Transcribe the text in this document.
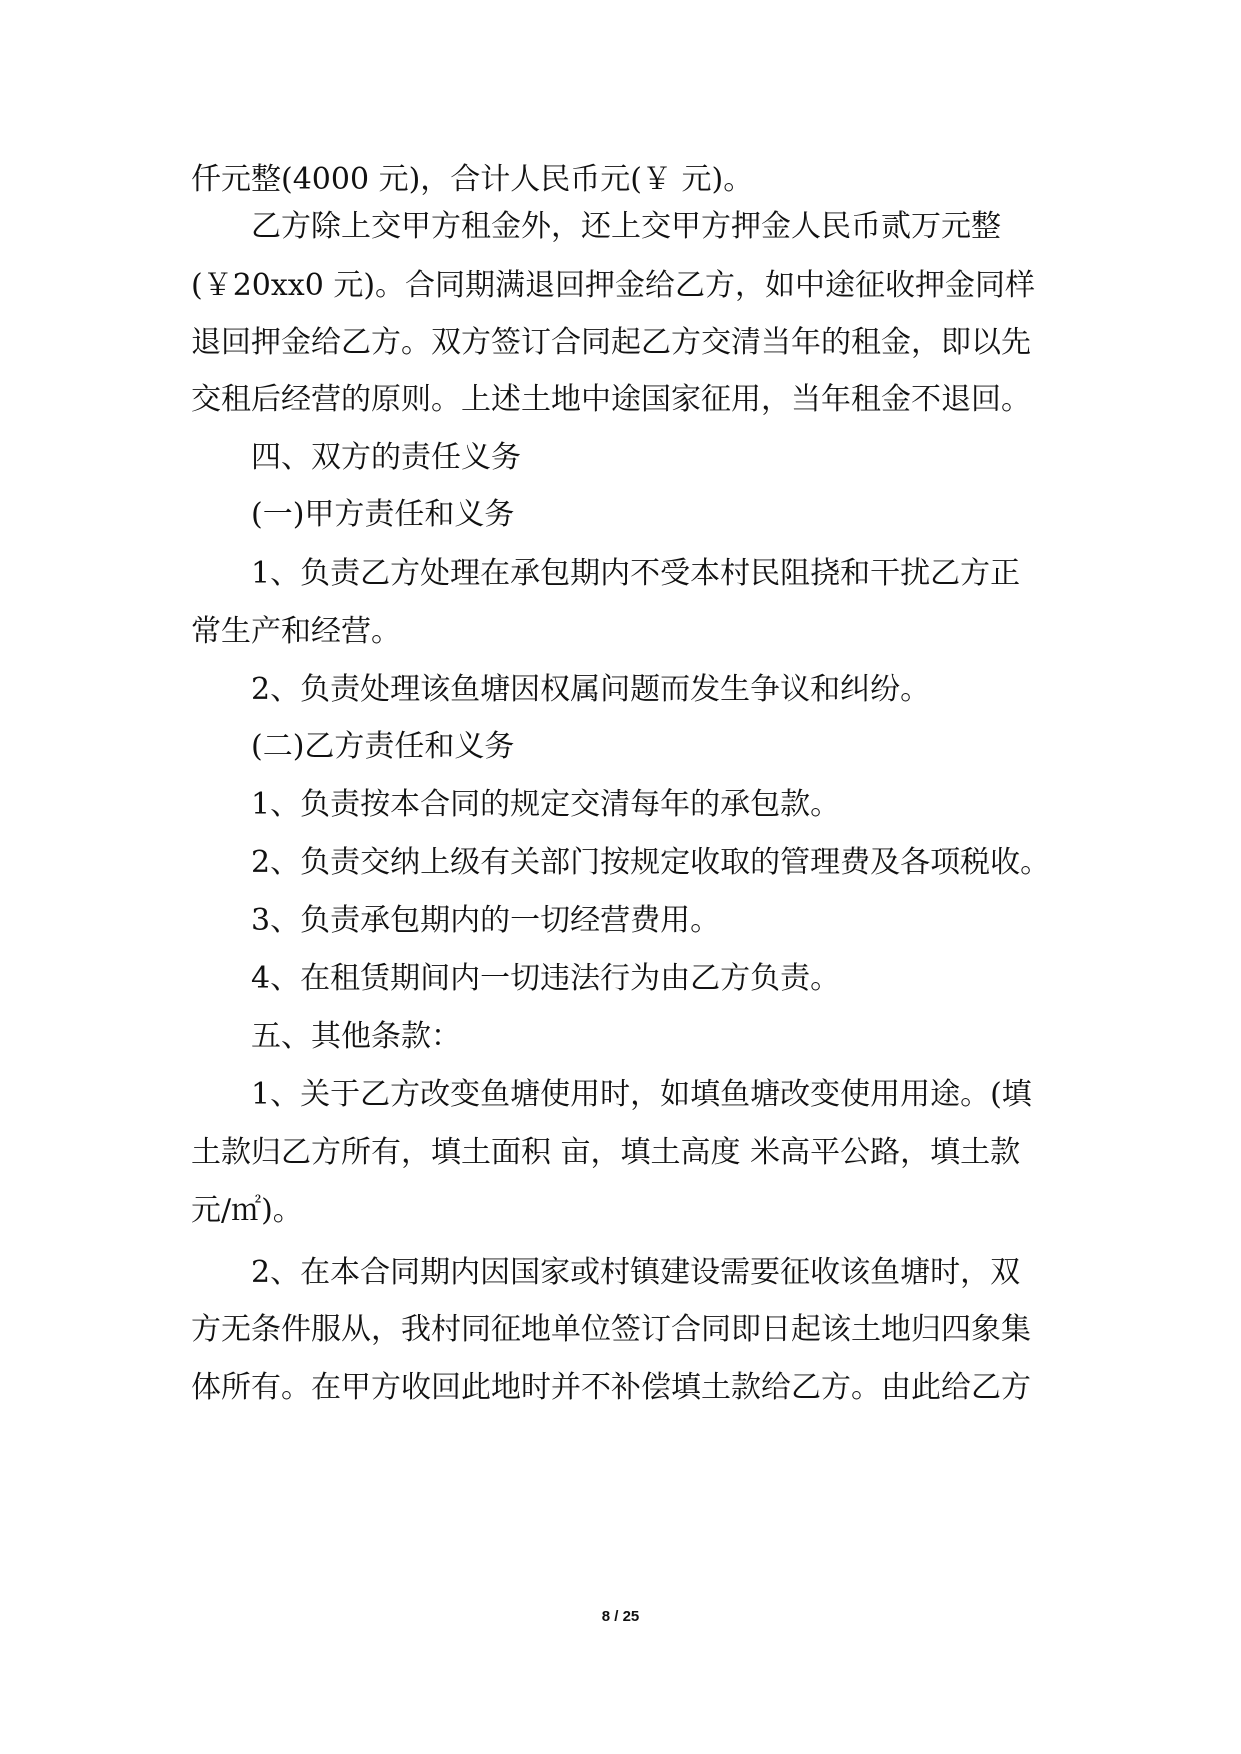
仟元整(4000 元)，合计人民币元(￥ 元)。
乙方除上交甲方租金外，还上交甲方押金人民币贰万元整
(￥20xx0 元)。合同期满退回押金给乙方，如中途征收押金同样
退回押金给乙方。双方签订合同起乙方交清当年的租金，即以先
交租后经营的原则。上述土地中途国家征用，当年租金不退回。
四、双方的责任义务
(一)甲方责任和义务
1、负责乙方处理在承包期内不受本村民阻挠和干扰乙方正
常生产和经营。
2、负责处理该鱼塘因权属问题而发生争议和纠纷。
(二)乙方责任和义务
1、负责按本合同的规定交清每年的承包款。
2、负责交纳上级有关部门按规定收取的管理费及各项税收。
3、负责承包期内的一切经营费用。
4、在租赁期间内一切违法行为由乙方负责。
五、其他条款：
1、关于乙方改变鱼塘使用时，如填鱼塘改变使用用途。(填
土款归乙方所有，填土面积 亩，填土高度 米高平公路，填土款
元/㎡)。
2、在本合同期内因国家或村镇建设需要征收该鱼塘时，双
方无条件服从，我村同征地单位签订合同即日起该土地归四象集
体所有。在甲方收回此地时并不补偿填土款给乙方。由此给乙方
8 / 25
